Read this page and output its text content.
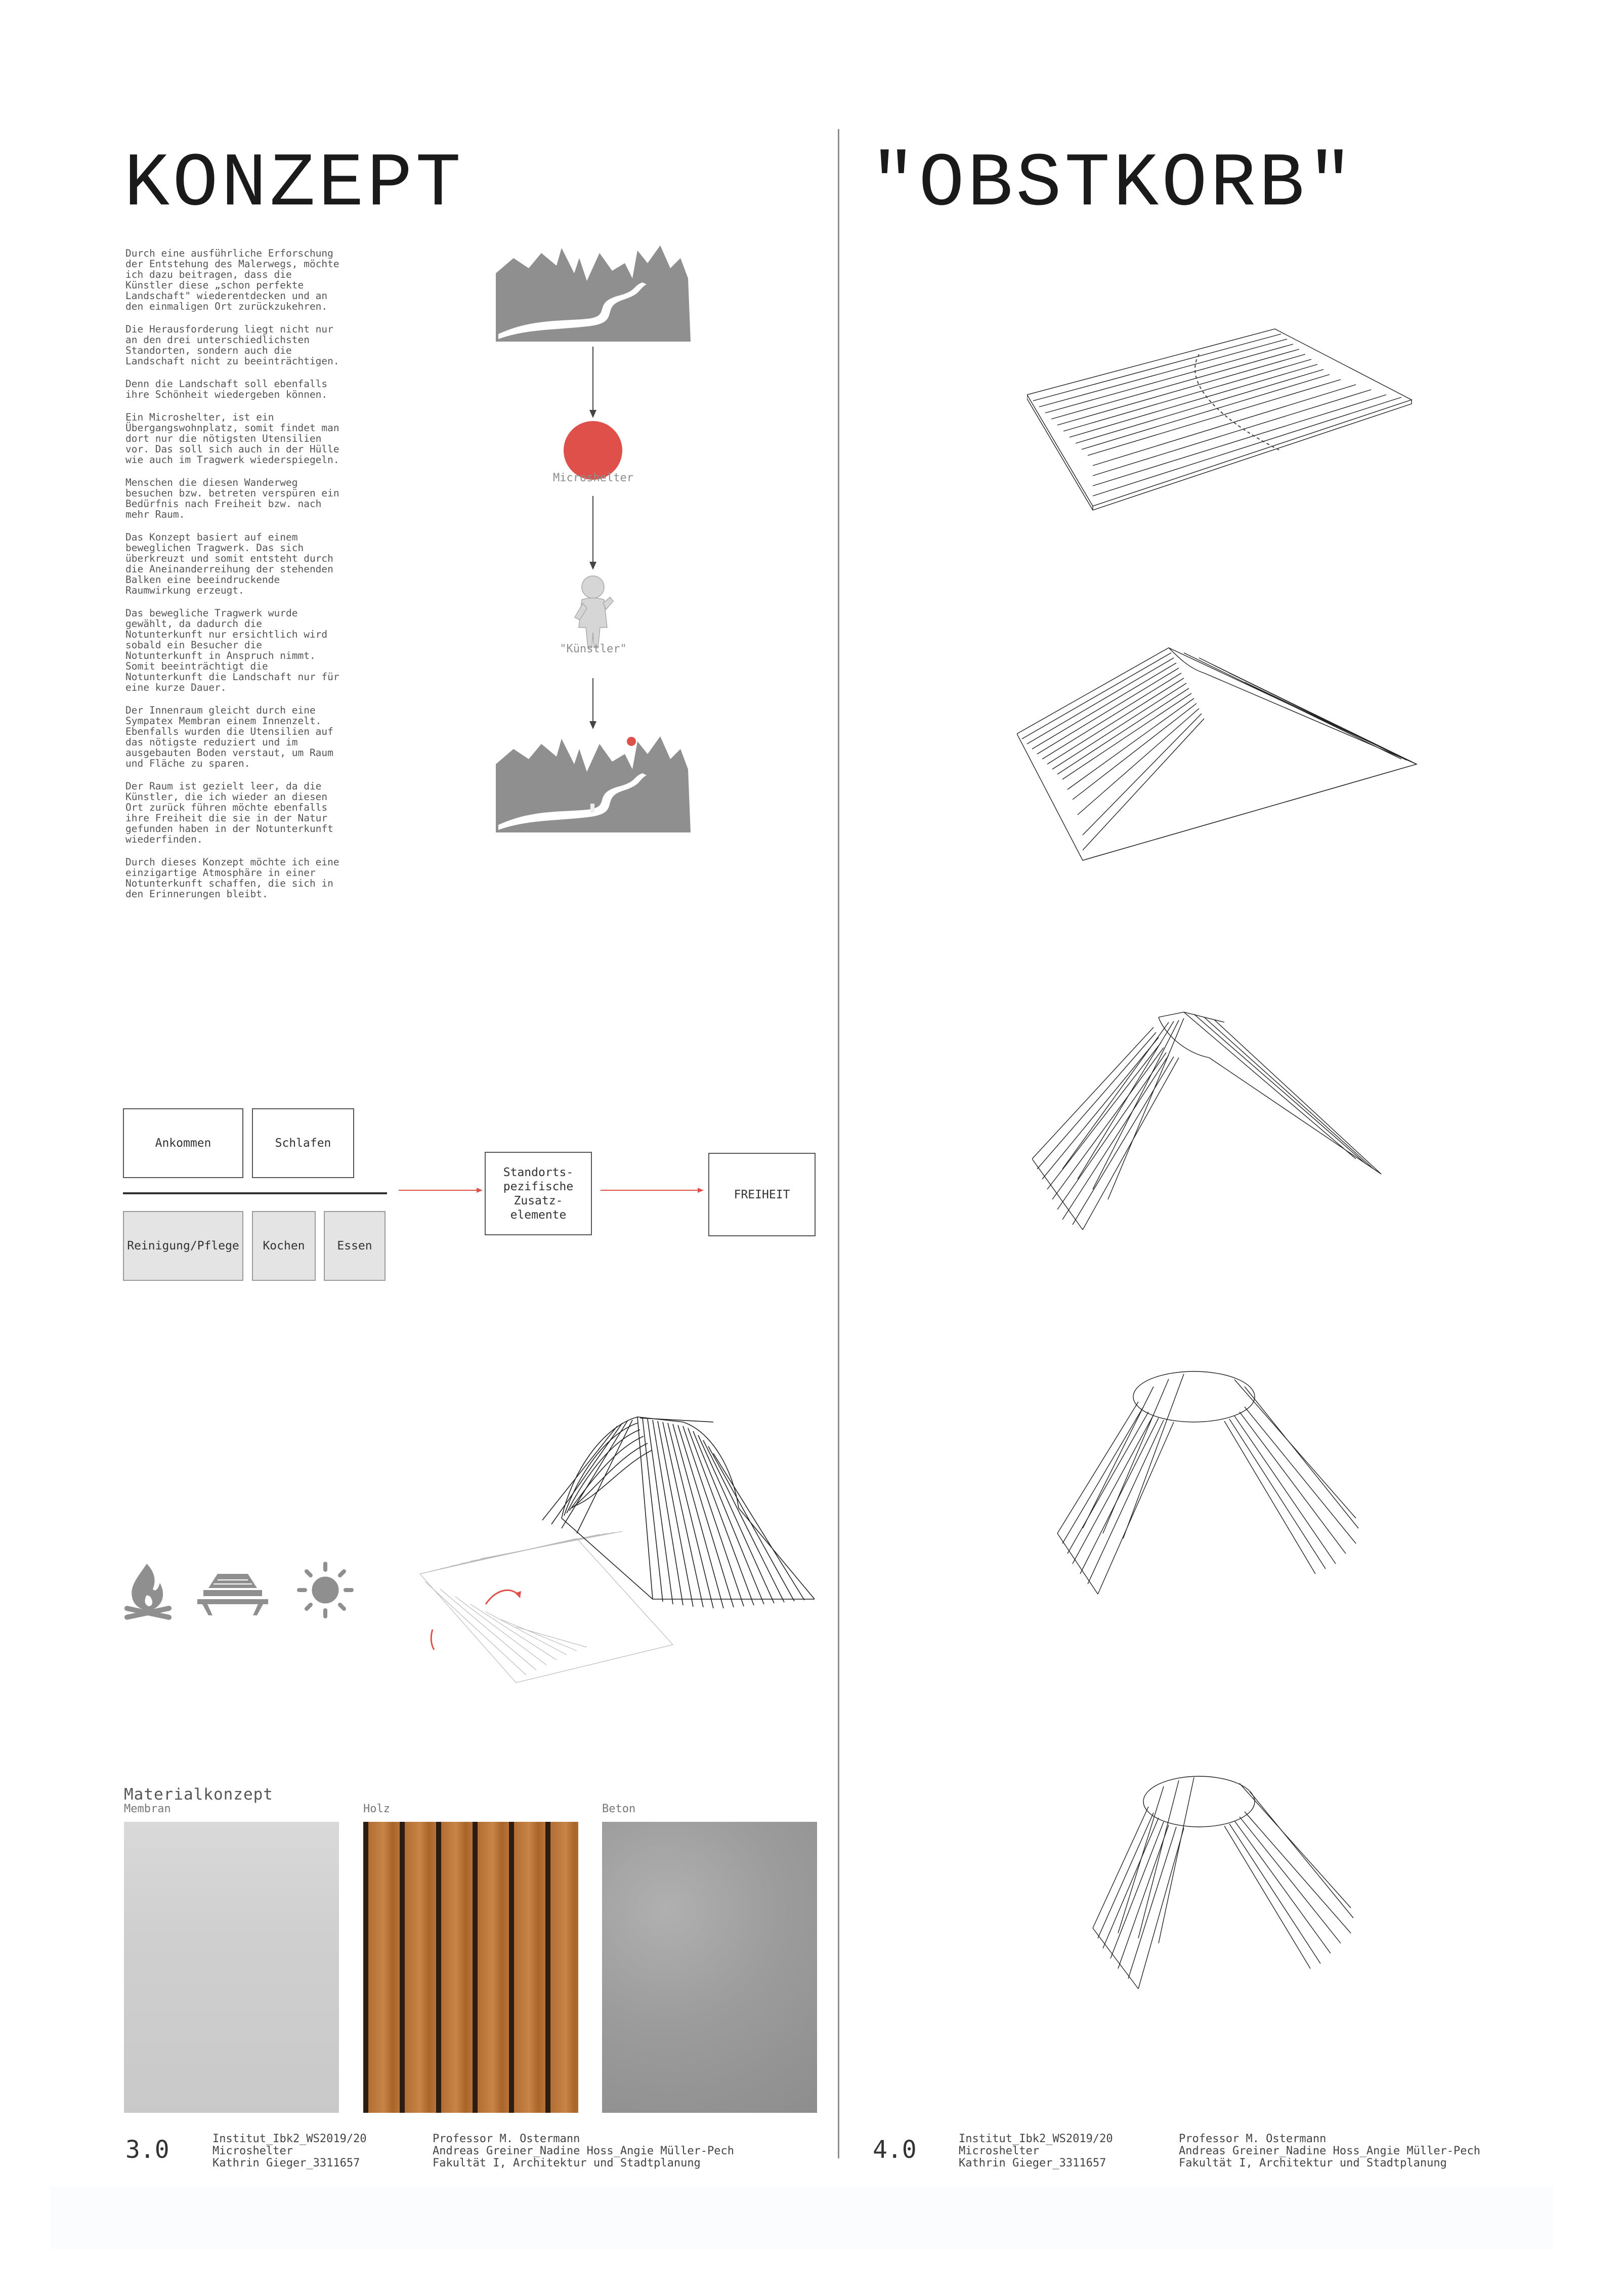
KONZEPT	"OBSTKORB"

Durch eine ausführliche Erforschung der Entstehung des Malerwegs, möchte ich dazu beitragen, dass die Künstler diese „schon perfekte Landschaft" wiederentdecken und an den einmaligen Ort zurückzukehren.

Die Herausforderung liegt nicht nur an den drei unterschiedlichsten Standorten, sondern auch die Landschaft nicht zu beeinträchtigen.

Denn die Landschaft soll ebenfalls ihre Schönheit wiedergeben können.

Ein Microshelter, ist ein Übergangswohnplatz, somit findet man dort nur die nötigsten Utensilien vor. Das soll sich auch in der Hülle wie auch im Tragwerk wiederspiegeln.

Menschen die diesen Wanderweg besuchen bzw. betreten verspüren ein Bedürfnis nach Freiheit bzw. nach mehr Raum.

Das Konzept basiert auf einem beweglichen Tragwerk. Das sich überkreuzt und somit entsteht durch die Aneinanderreihung der stehenden Balken eine beeindruckende Raumwirkung erzeugt.

Das bewegliche Tragwerk wurde gewählt, da dadurch die Notunterkunft nur ersichtlich wird sobald ein Besucher die Notunterkunft in Anspruch nimmt. Somit beeinträchtigt die Notunterkunft die Landschaft nur für eine kurze Dauer.

Der Innenraum gleicht durch eine Sympatex Membran einem Innenzelt. Ebenfalls wurden die Utensilien auf das nötigste reduziert und im ausgebauten Boden verstaut, um Raum und Fläche zu sparen.

Der Raum ist gezielt leer, da die Künstler, die ich wieder an diesen Ort zurück führen möchte ebenfalls ihre Freiheit die sie in der Natur gefunden haben in der Notunterkunft wiederfinden.

Durch dieses Konzept möchte ich eine einzigartige Atmosphäre in einer Notunterkunft schaffen, die sich in den Erinnerungen bleibt.

Microshelter
"Künstler"
Ankommen	Schlafen
Reinigung/Pflege	Kochen	Essen
Standorts-
pezifische
Zusatz-
elemente
FREIHEIT
Materialkonzept
Membran	Holz	Beton
3.0	Institut_Ibk2_WS2019/20
Microshelter
Kathrin Gieger_3311657
Professor M. Ostermann
Andreas Greiner_Nadine Hoss_Angie Müller-Pech
Fakultät I, Architektur und Stadtplanung	4.0	Institut_Ibk2_WS2019/20
Microshelter
Kathrin Gieger_3311657
Professor M. Ostermann
Andreas Greiner_Nadine Hoss_Angie Müller-Pech
Fakultät I, Architektur und Stadtplanung
